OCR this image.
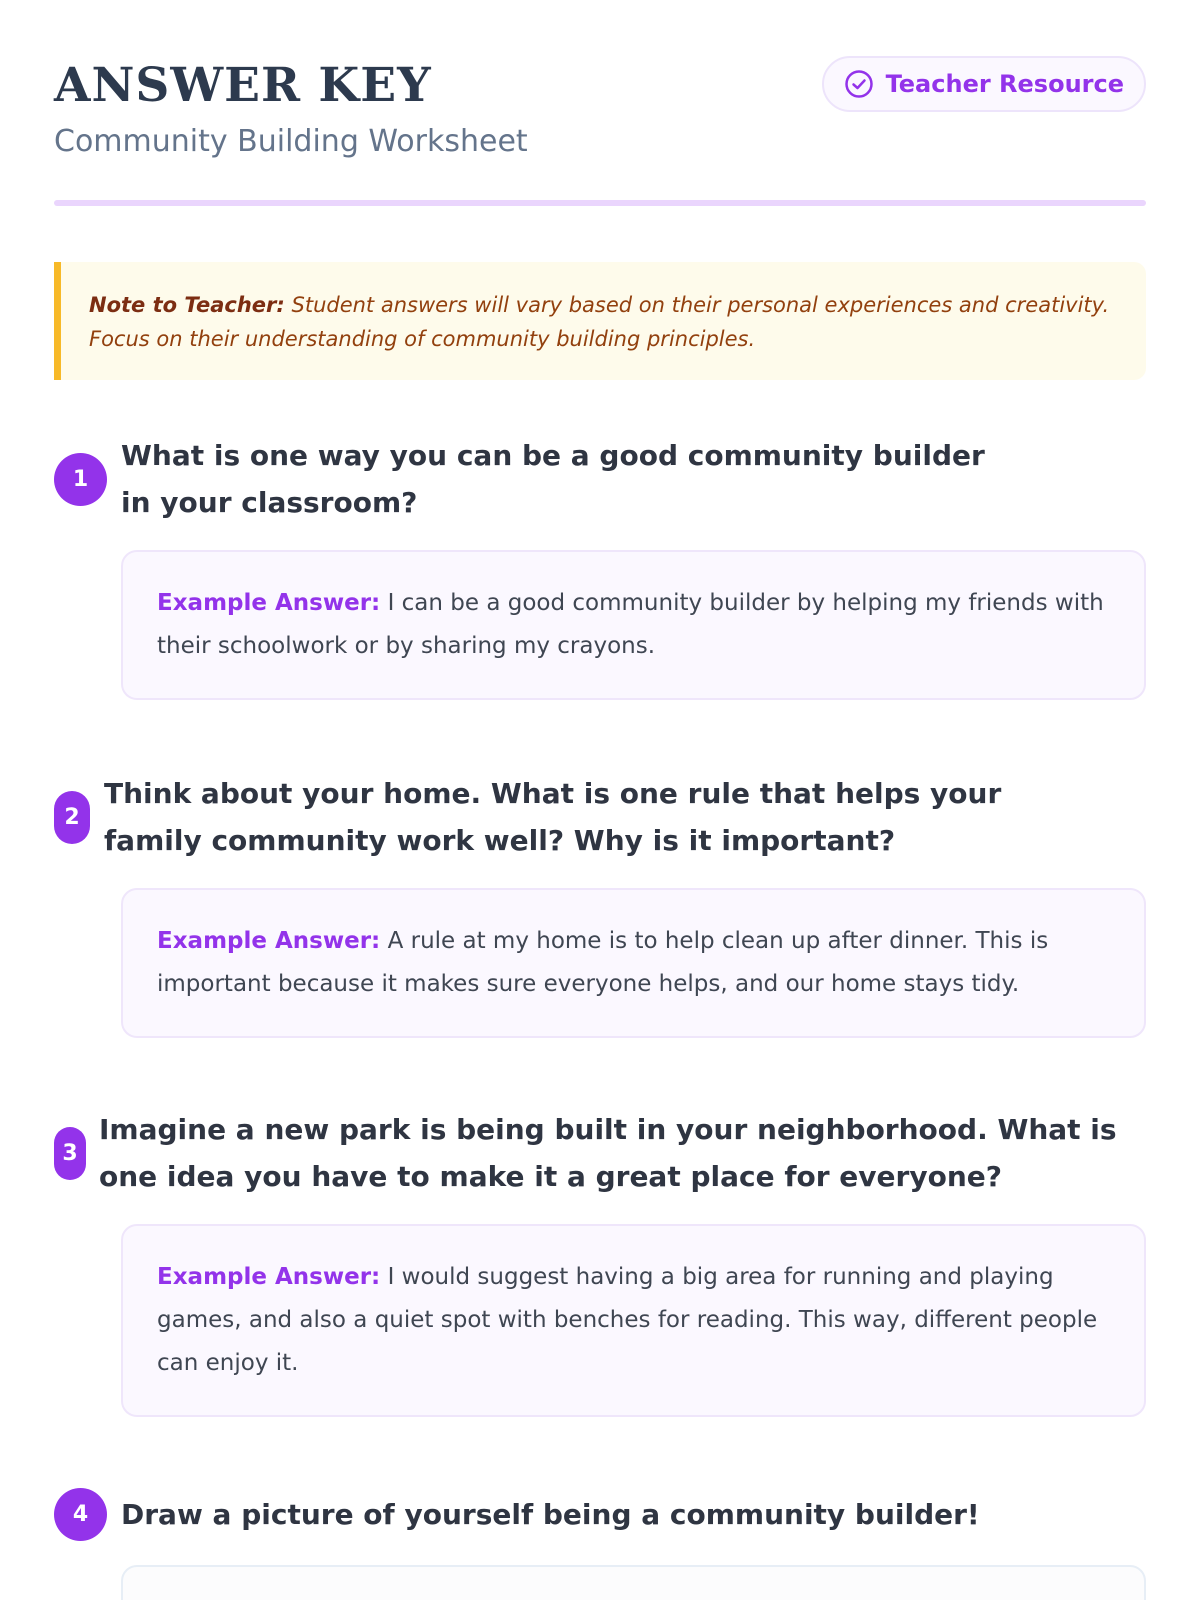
ANSWER KEY
Community Building Worksheet
Teacher Resource
Note to Teacher: Student answers will vary based on their personal experiences and creativity. Focus on their understanding of community building principles.
1
What is one way you can be a good community builder in your classroom?
Example Answer: I can be a good community builder by helping my friends with their schoolwork or by sharing my crayons.
2
Think about your home. What is one rule that helps your family community work well? Why is it important?
Example Answer: A rule at my home is to help clean up after dinner. This is important because it makes sure everyone helps, and our home stays tidy.
3
Imagine a new park is being built in your neighborhood. What is one idea you have to make it a great place for everyone?
Example Answer: I would suggest having a big area for running and playing games, and also a quiet spot with benches for reading. This way, different people can enjoy it.
4	Draw a picture of yourself being a community builder!
